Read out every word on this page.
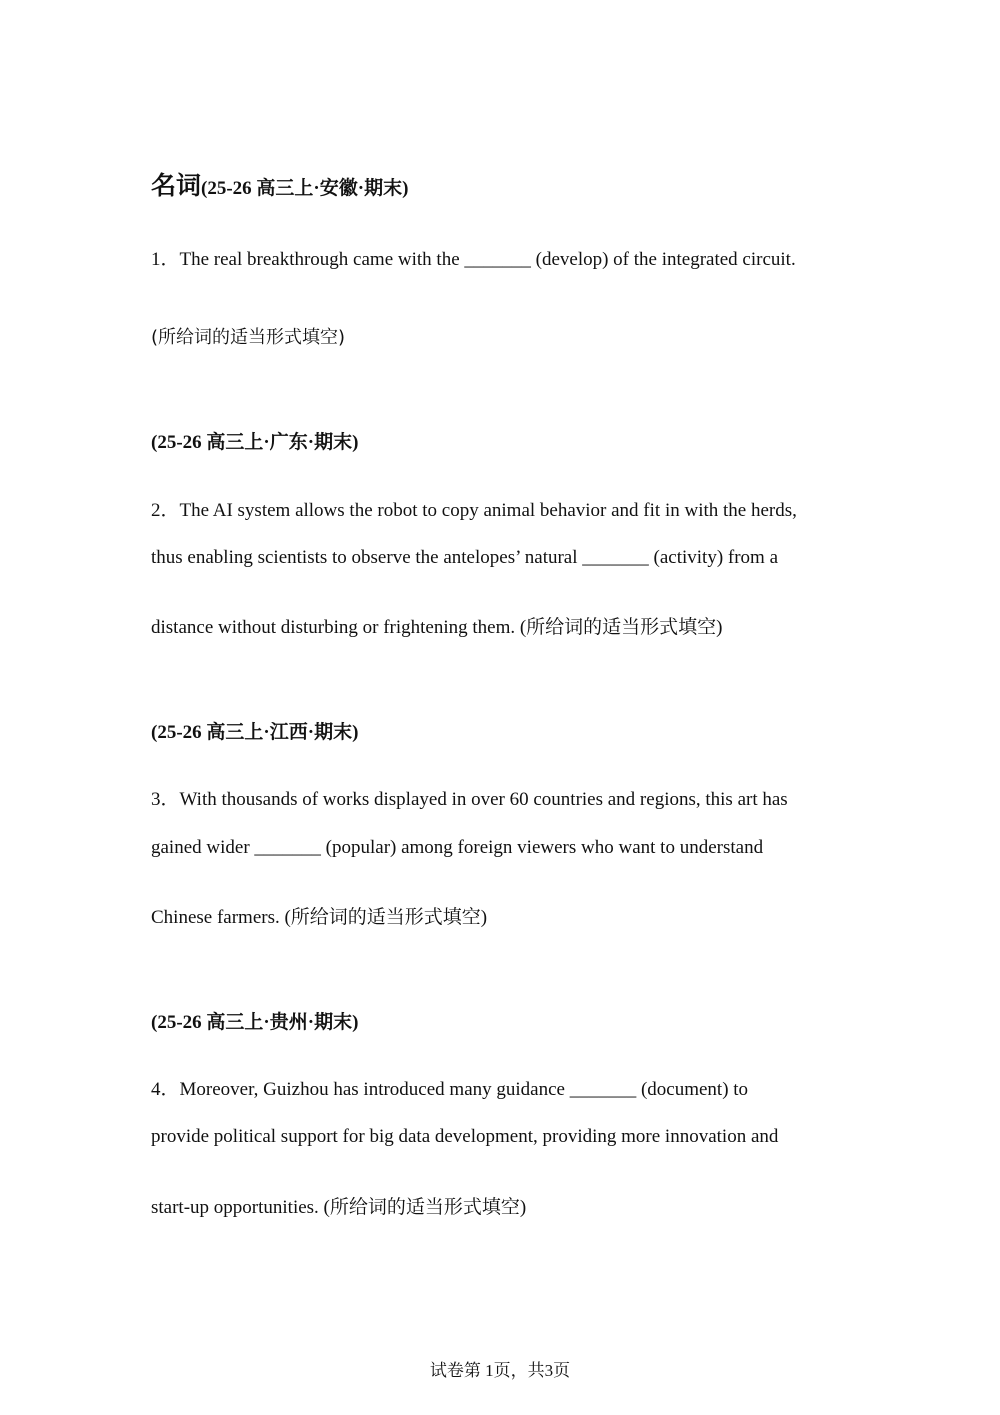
名词(25-26 高三上·安徽·期末)
1．The real breakthrough came with the _______ (develop) of the integrated circuit.
(所给词的适当形式填空)
(25-26 高三上·广东·期末)
2．The AI system allows the robot to copy animal behavior and fit in with the herds,
thus enabling scientists to observe the antelopes’ natural _______ (activity) from a
distance without disturbing or frightening them. (所给词的适当形式填空)
(25-26 高三上·江西·期末)
3．With thousands of works displayed in over 60 countries and regions, this art has
gained wider _______ (popular) among foreign viewers who want to understand
Chinese farmers. (所给词的适当形式填空)
(25-26 高三上·贵州·期末)
4．Moreover, Guizhou has introduced many guidance _______ (document) to
provide political support for big data development, providing more innovation and
start-up opportunities. (所给词的适当形式填空)
试卷第 1页，共3页
